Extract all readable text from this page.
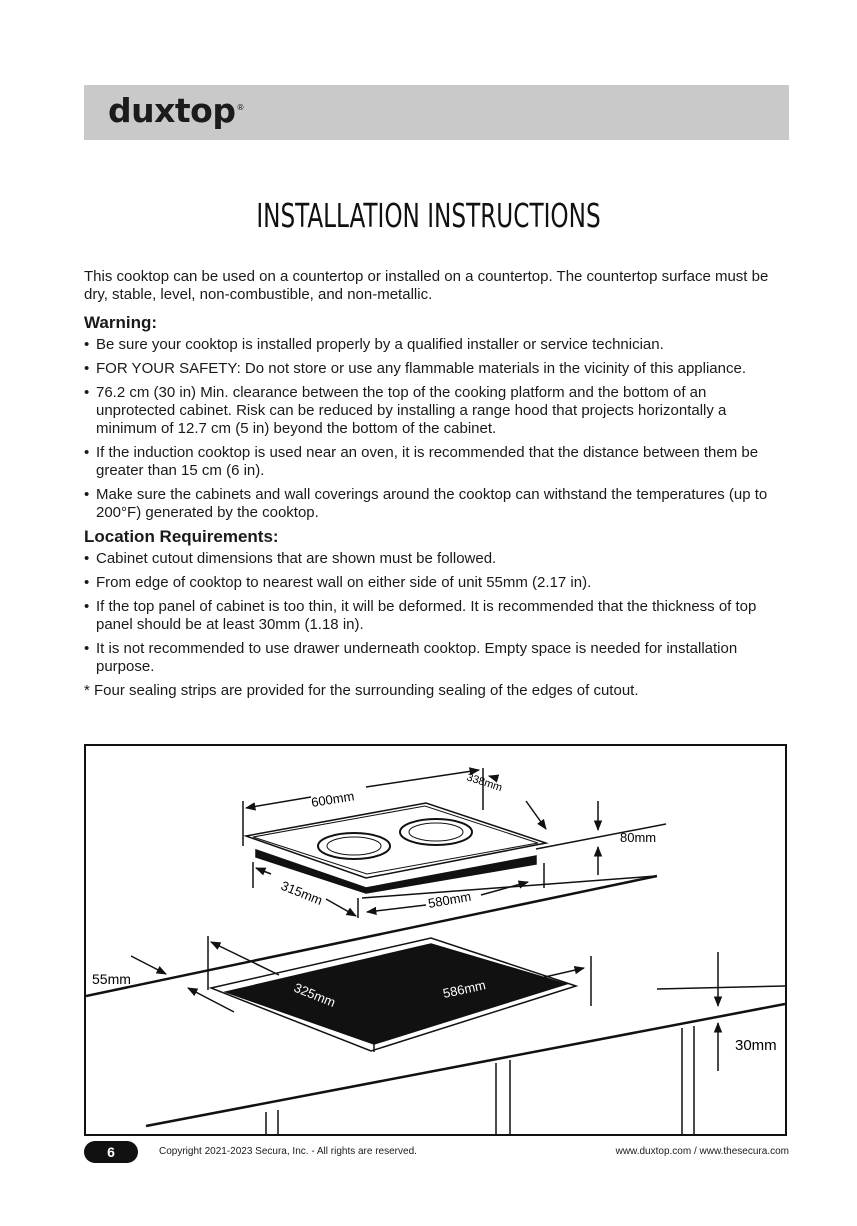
duxtop®
INSTALLATION INSTRUCTIONS

This cooktop can be used on a countertop or installed on a countertop. The countertop surface must be dry, stable, level, non-combustible, and non-metallic.

Warning:
• Be sure your cooktop is installed properly by a qualified installer or service technician.
• FOR YOUR SAFETY: Do not store or use any flammable materials in the vicinity of this appliance.
• 76.2 cm (30 in) Min. clearance between the top of the cooking platform and the bottom of an unprotected cabinet. Risk can be reduced by installing a range hood that projects horizontally a minimum of 12.7 cm (5 in) beyond the bottom of the cabinet.
• If the induction cooktop is used near an oven, it is recommended that the distance between them be greater than 15 cm (6 in).
• Make sure the cabinets and wall coverings around the cooktop can withstand the temperatures (up to 200°F) generated by the cooktop.
Location Requirements:
• Cabinet cutout dimensions that are shown must be followed.
• From edge of cooktop to nearest wall on either side of unit 55mm (2.17 in).
• If the top panel of cabinet is too thin, it will be deformed. It is recommended that the thickness of top panel should be at least 30mm (1.18 in).
• It is not recommended to use drawer underneath cooktop. Empty space is needed for installation purpose.
* Four sealing strips are provided for the surrounding sealing of the edges of cutout.
600mm
338mm
80mm
315mm	580mm
55mm
325mm	586mm
30mm
6	Copyright 2021-2023 Secura, Inc. - All rights are reserved.	www.duxtop.com / www.thesecura.com
